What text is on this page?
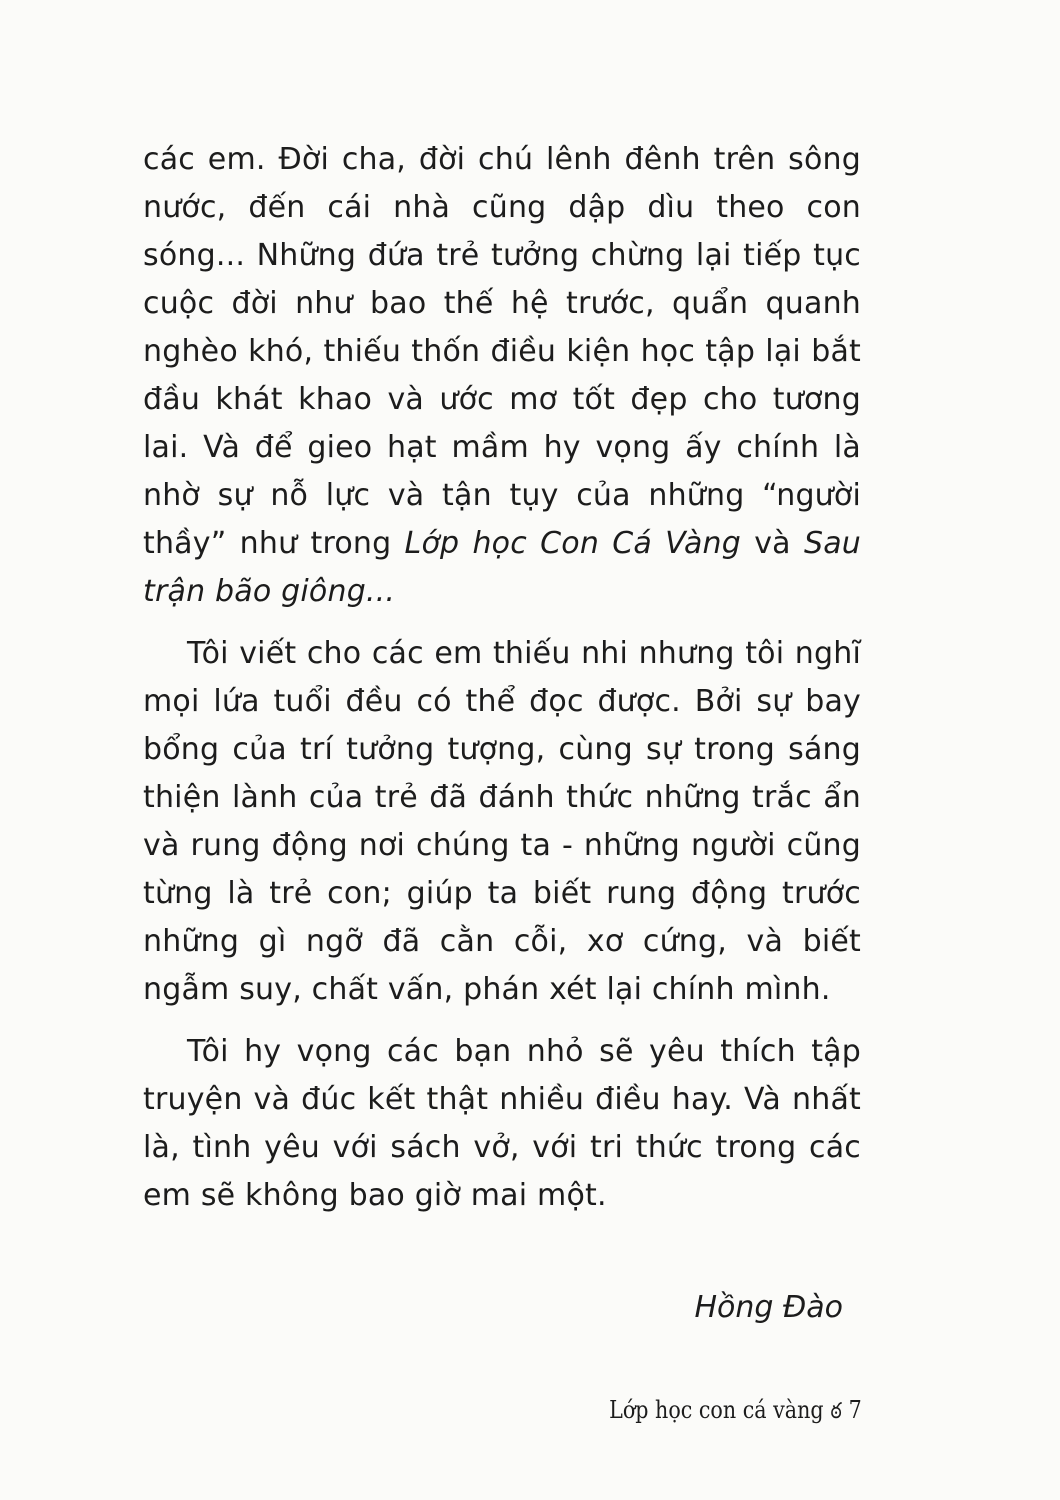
các em. Đời cha, đời chú lênh đênh trên sông nước, đến cái nhà cũng dập dìu theo con sóng... Những đứa trẻ tưởng chừng lại tiếp tục cuộc đời như bao thế hệ trước, quẩn quanh nghèo khó, thiếu thốn điều kiện học tập lại bắt đầu khát khao và ước mơ tốt đẹp cho tương lai. Và để gieo hạt mầm hy vọng ấy chính là nhờ sự nỗ lực và tận tụy của những “người thầy” như trong Lớp học Con Cá Vàng và Sau trận bão giông...

Tôi viết cho các em thiếu nhi nhưng tôi nghĩ mọi lứa tuổi đều có thể đọc được. Bởi sự bay bổng của trí tưởng tượng, cùng sự trong sáng thiện lành của trẻ đã đánh thức những trắc ẩn và rung động nơi chúng ta - những người cũng từng là trẻ con; giúp ta biết rung động trước những gì ngỡ đã cằn cỗi, xơ cứng, và biết ngẫm suy, chất vấn, phán xét lại chính mình.

Tôi hy vọng các bạn nhỏ sẽ yêu thích tập truyện và đúc kết thật nhiều điều hay. Và nhất là, tình yêu với sách vở, với tri thức trong các em sẽ không bao giờ mai một.

Hồng Đào
Lớp học con cá vàng ఠ 7
